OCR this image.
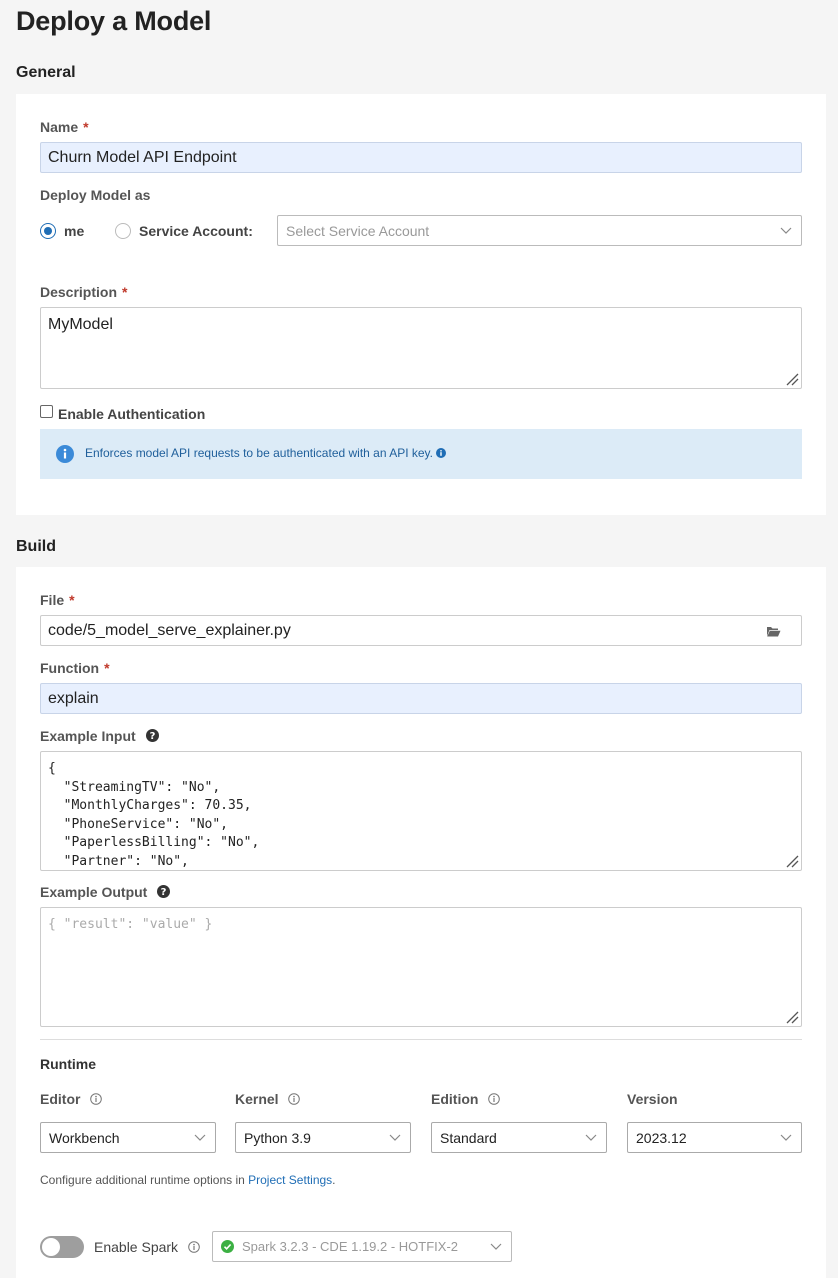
Deploy a Model
General
Name *
Churn Model API Endpoint
Deploy Model as
me	Service Account:	Select Service Account
Description *
MyModel
Enable Authentication
Enforces model API requests to be authenticated with an API key.
Build
File *
code/5_model_serve_explainer.py
Function *
explain
Example Input ?
{
"StreamingTV": "No",
"MonthlyCharges": 70.35,
"PhoneService": "No",
"PaperlessBilling": "No",
"Partner": "No",
Example Output ?
{ "result": "value" }
Runtime
Editor	Kernel	Edition	Version
Workbench	Python 3.9	Standard	2023.12
Configure additional runtime options in Project Settings.
Enable Spark	Spark 3.2.3 - CDE 1.19.2 - HOTFIX-2
